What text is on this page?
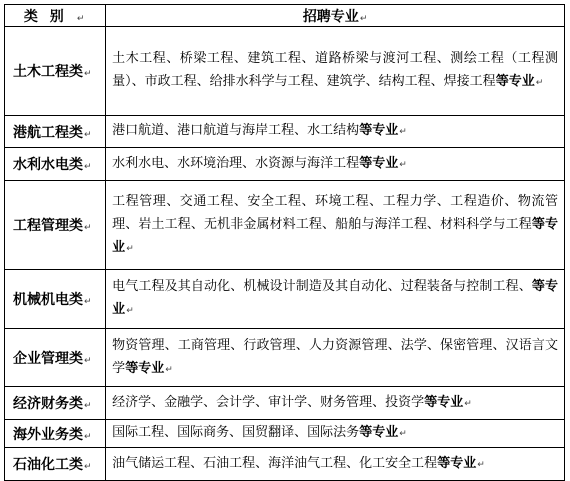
类别↵	招聘专业↵
土木工程类↵	土木工程、桥梁工程、建筑工程、道路桥梁与渡河工程、测绘工程（工程测量）、市政工程、给排水科学与工程、建筑学、结构工程、焊接工程等专业↵
港航工程类↵	港口航道、港口航道与海岸工程、水工结构等专业↵
水利水电类↵	水利水电、水环境治理、水资源与海洋工程等专业↵
工程管理类↵	工程管理、交通工程、安全工程、环境工程、工程力学、工程造价、物流管理、岩土工程、无机非金属材料工程、船舶与海洋工程、材料科学与工程等专业↵
机械机电类↵	电气工程及其自动化、机械设计制造及其自动化、过程装备与控制工程、等专业↵
企业管理类↵	物资管理、工商管理、行政管理、人力资源管理、法学、保密管理、汉语言文学等专业↵
经济财务类↵	经济学、金融学、会计学、审计学、财务管理、投资学等专业↵
海外业务类↵	国际工程、国际商务、国贸翻译、国际法务等专业↵
石油化工类↵	油气储运工程、石油工程、海洋油气工程、化工安全工程等专业↵
